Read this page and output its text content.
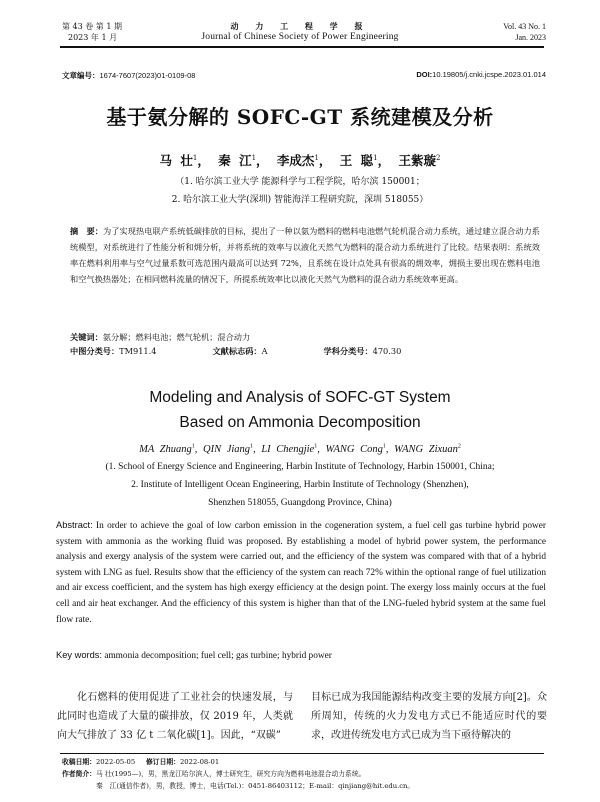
第 43 卷 第 1 期
2023 年 1 月
动 力 工 程 学 报
Journal of Chinese Society of Power Engineering
Vol. 43 No. 1
Jan. 2023
文章编号：1674-7607(2023)01-0109-08	DOI:10.19805/j.cnki.jcspe.2023.01.014
基于氨分解的 SOFC-GT 系统建模及分析
马 壮$^1$， 秦 江$^1$， 李成杰$^1$， 王 聪$^1$， 王紫璇$^2$
（1. 哈尔滨工业大学 能源科学与工程学院，哈尔滨 150001；
2. 哈尔滨工业大学(深圳) 智能海洋工程研究院，深圳 518055）
摘　要：为了实现热电联产系统低碳排放的目标，提出了一种以氨为燃料的燃料电池燃气轮机混合动力系统，通过建立混合动力系统模型，对系统进行了性能分析和㶲分析，并将系统的效率与以液化天然气为燃料的混合动力系统进行了比较。结果表明：系统效率在燃料利用率与空气过量系数可选范围内最高可以达到 72%，且系统在设计点处具有很高的㶲效率，㶲损主要出现在燃料电池和空气换热器处；在相同燃料流量的情况下，所提系统效率比以液化天然气为燃料的混合动力系统效率更高。
关键词：氨分解；燃料电池；燃气轮机；混合动力
中图分类号：TM911.4	文献标志码：A	学科分类号：470.30
Modeling and Analysis of SOFC-GT System
Based on Ammonia Decomposition
MA Zhuang$^1$, QIN Jiang$^1$, LI Chengjie$^1$, WANG Cong$^1$, WANG Zixuan$^2$
(1. School of Energy Science and Engineering, Harbin Institute of Technology, Harbin 150001, China;
2. Institute of Intelligent Ocean Engineering, Harbin Institute of Technology (Shenzhen),
Shenzhen 518055, Guangdong Province, China)
Abstract: In order to achieve the goal of low carbon emission in the cogeneration system, a fuel cell gas turbine hybrid power system with ammonia as the working fluid was proposed. By establishing a model of hybrid power system, the performance analysis and exergy analysis of the system were carried out, and the efficiency of the system was compared with that of a hybrid system with LNG as fuel. Results show that the efficiency of the system can reach 72% within the optional range of fuel utilization and air excess coefficient, and the system has high exergy efficiency at the design point. The exergy loss mainly occurs at the fuel cell and air heat exchanger. And the efficiency of this system is higher than that of the LNG-fueled hybrid system at the same fuel flow rate.
Key words: ammonia decomposition; fuel cell; gas turbine; hybrid power
化石燃料的使用促进了工业社会的快速发展，与此同时也造成了大量的碳排放，仅 2019 年，人类就向大气排放了 33 亿 t 二氧化碳[1]。因此，“双碳”
目标已成为我国能源结构改变主要的发展方向[2]。众所周知，传统的火力发电方式已不能适应时代的要求，改进传统发电方式已成为当下亟待解决的
收稿日期：2022-05-05 修订日期：2022-08-01
作者简介：马 壮(1995—)，男，黑龙江哈尔滨人，博士研究生，研究方向为燃料电池混合动力系统。
秦　江(通信作者)，男，教授，博士，电话(Tel.)：0451-86403112；E-mail：qinjiang@hit.edu.cn。
